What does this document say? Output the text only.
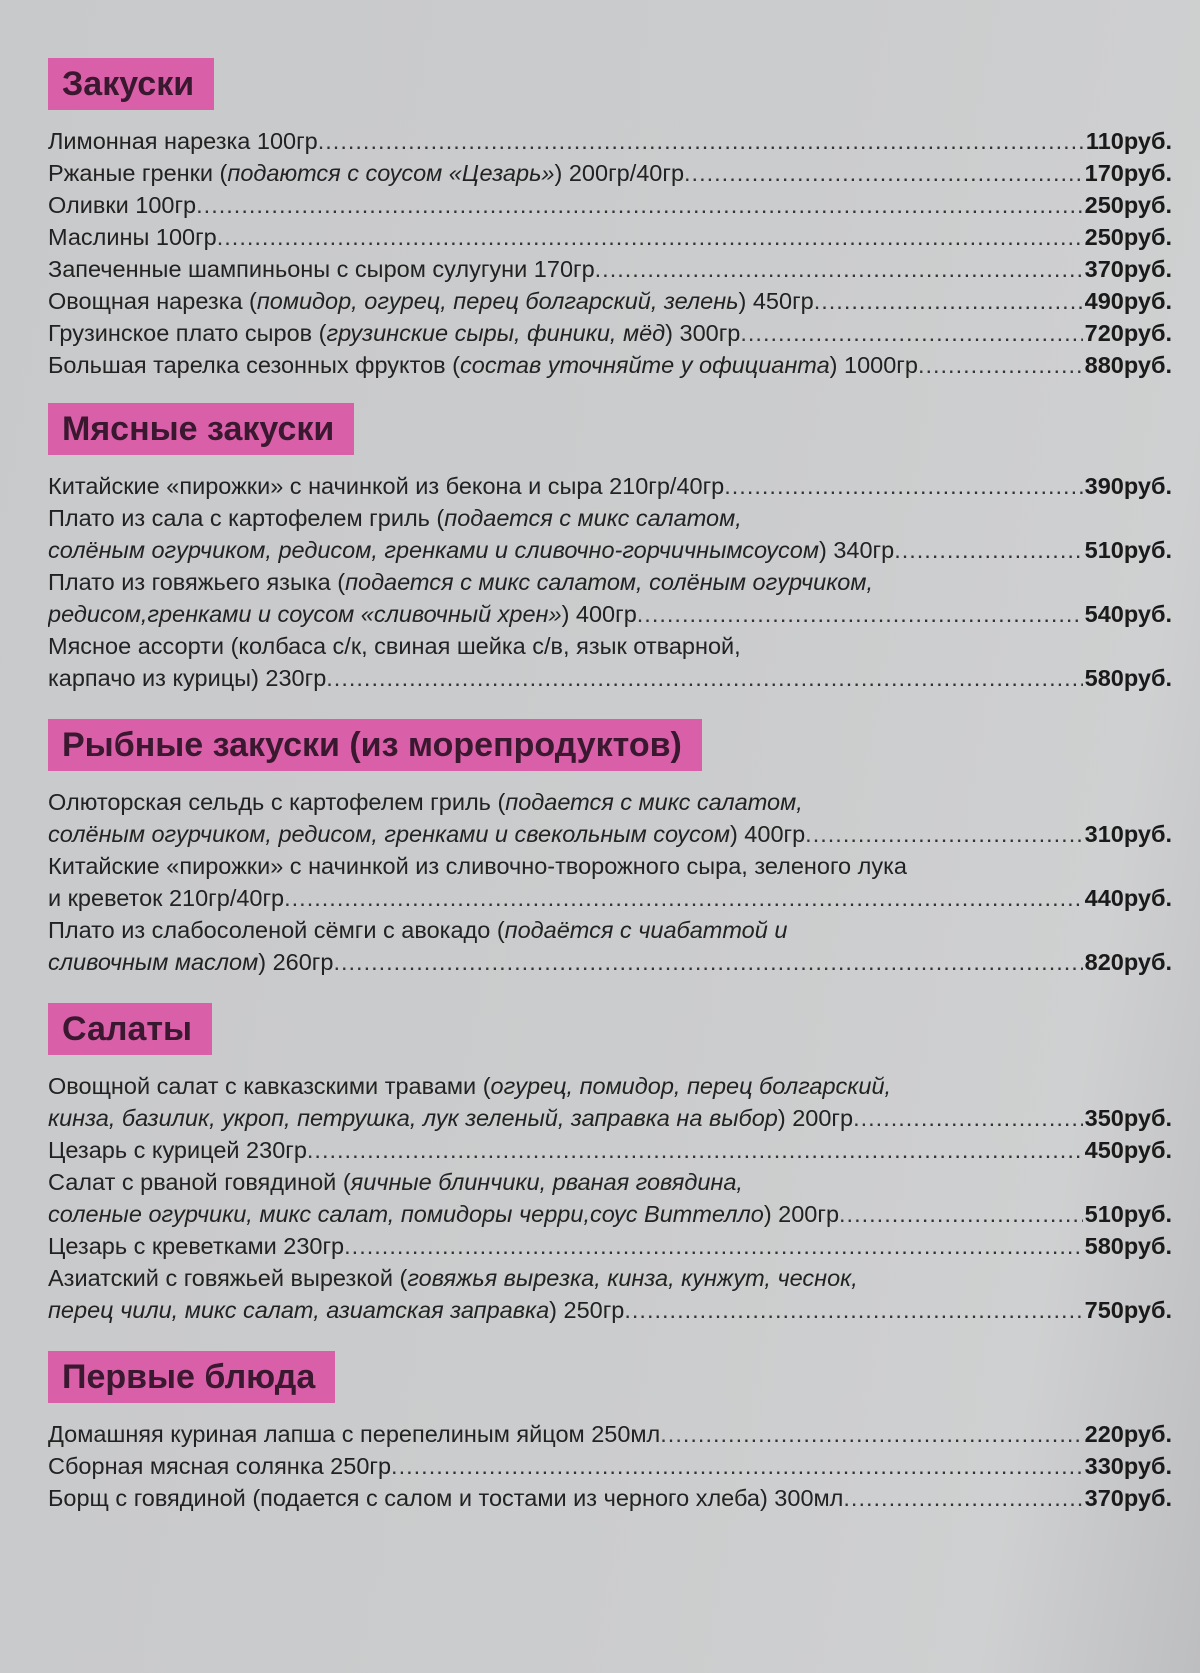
Закуски
Лимонная нарезка 100гр .....	110руб.
Ржаные гренки ( подаются с соусом «Цезарь» ) 200гр/40гр .....	170руб.
Оливки 100гр .....	250руб.
Маслины 100гр .....	250руб.
Запеченные шампиньоны с сыром сулугуни 170гр .....	370руб.
Овощная нарезка ( помидор, огурец, перец болгарский, зелень ) 450гр .....	490руб.
Грузинское плато сыров ( грузинские сыры, финики, мёд ) 300гр .....	720руб.
Большая тарелка сезонных фруктов ( состав уточняйте у официанта ) 1000гр .....	880руб.
Мясные закуски
Китайские «пирожки» с начинкой из бекона и сыра 210гр/40гр .....	390руб.
Плато из сала с картофелем гриль ( подается с микс салатом,
солёным огурчиком, редисом, гренками и сливочно-горчичнымсоусом ) 340гр .....	510руб.
Плато из говяжьего языка ( подается с микс салатом, солёным огурчиком,
редисом,гренками и соусом «сливочный хрен» ) 400гр .....	540руб.
Мясное ассорти (колбаса с/к, свиная шейка с/в, язык отварной,
карпачо из курицы) 230гр .....	580руб.
Рыбные закуски (из морепродуктов)
Олюторская сельдь с картофелем гриль ( подается с микс салатом,
солёным огурчиком, редисом, гренками и свекольным соусом ) 400гр .....	310руб.
Китайские «пирожки» с начинкой из сливочно-творожного сыра, зеленого лука
и креветок 210гр/40гр .....	440руб.
Плато из слабосоленой сёмги с авокадо ( подаётся с чиабаттой и
сливочным маслом ) 260гр .....	820руб.
Салаты
Овощной салат с кавказскими травами ( огурец, помидор, перец болгарский,
кинза, базилик, укроп, петрушка, лук зеленый, заправка на выбор ) 200гр .....	350руб.
Цезарь с курицей 230гр .....	450руб.
Салат с рваной говядиной ( яичные блинчики, рваная говядина,
соленые огурчики, микс салат, помидоры черри,соус Виттелло ) 200гр .....	510руб.
Цезарь с креветками 230гр .....	580руб.
Азиатский с говяжьей вырезкой ( говяжья вырезка, кинза, кунжут, чеснок,
перец чили, микс салат, азиатская заправка ) 250гр .....	750руб.
Первые блюда
Домашняя куриная лапша с перепелиным яйцом 250мл .....	220руб.
Сборная мясная солянка 250гр .....	330руб.
Борщ с говядиной (подается с салом и тостами из черного хлеба) 300мл .....	370руб.
